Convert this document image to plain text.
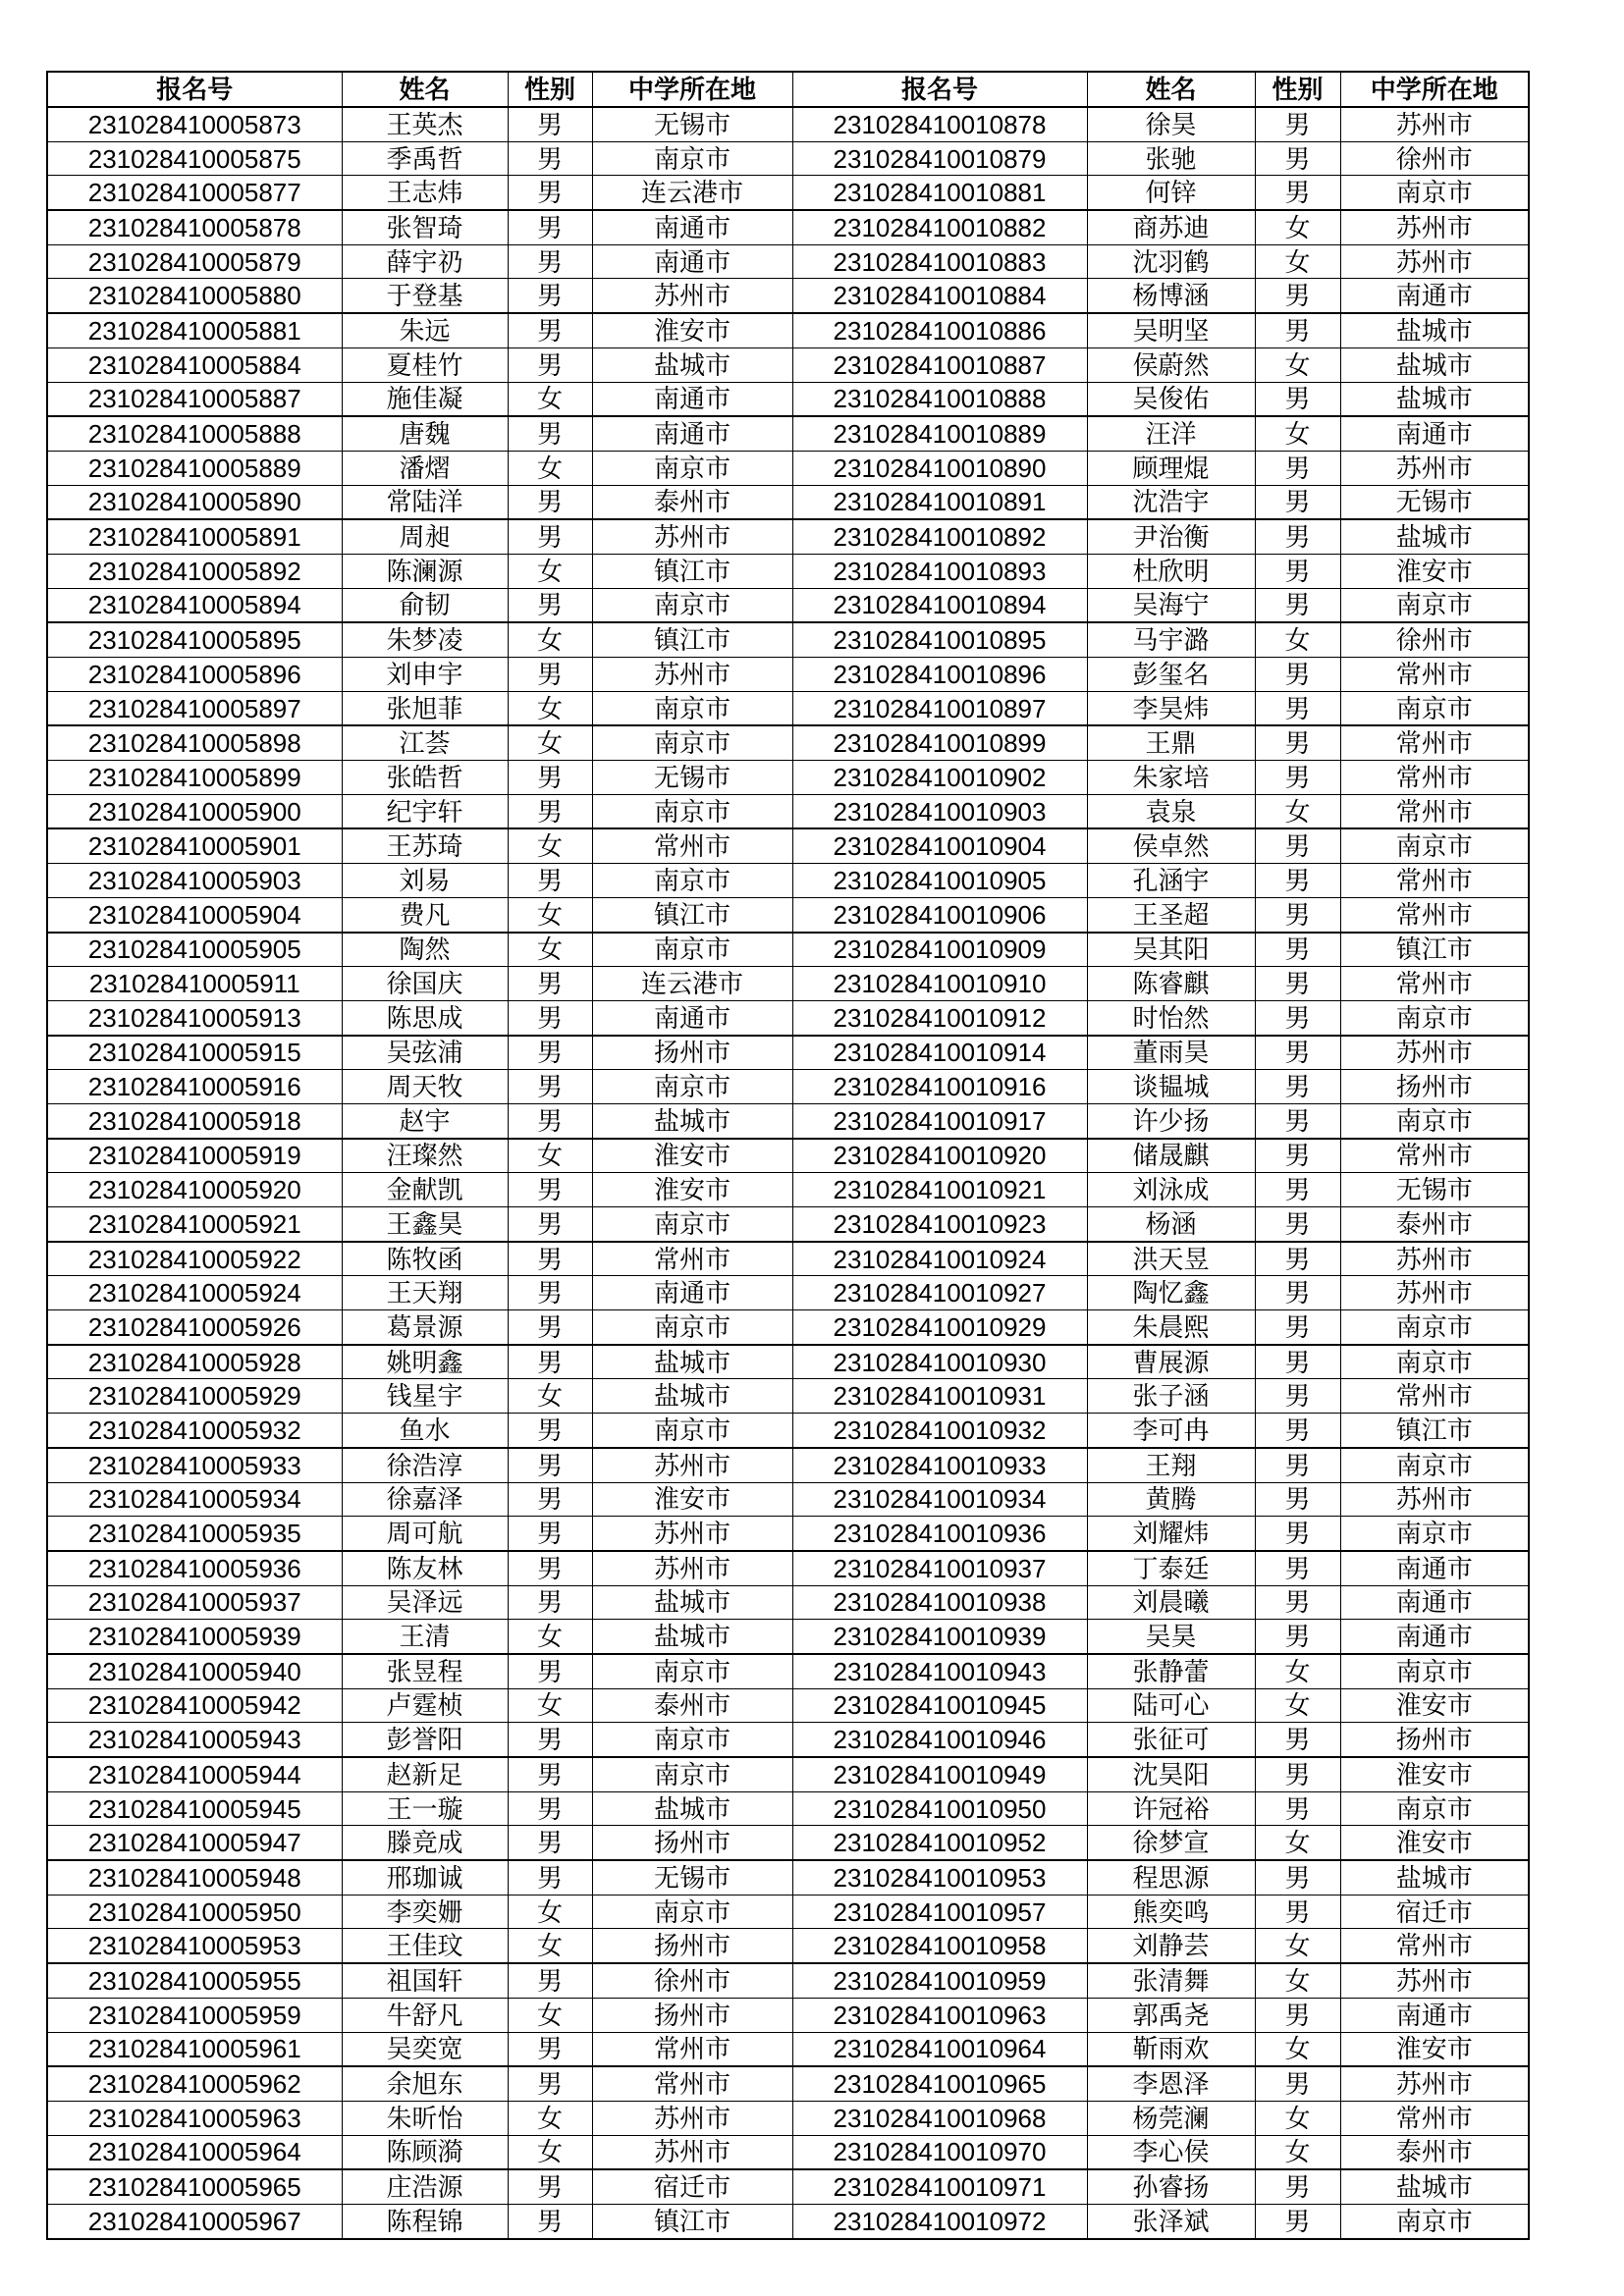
报名号	姓名	性别	中学所在地	报名号	姓名	性别	中学所在地
231028410005873	王英杰	男	无锡市	231028410010878	徐昊	男	苏州市
231028410005875	季禹哲	男	南京市	231028410010879	张驰	男	徐州市
231028410005877	王志炜	男	连云港市	231028410010881	何锌	男	南京市
231028410005878	张智琦	男	南通市	231028410010882	商苏迪	女	苏州市
231028410005879	薛宇礽	男	南通市	231028410010883	沈羽鹤	女	苏州市
231028410005880	于登基	男	苏州市	231028410010884	杨博涵	男	南通市
231028410005881	朱远	男	淮安市	231028410010886	吴明坚	男	盐城市
231028410005884	夏桂竹	男	盐城市	231028410010887	侯蔚然	女	盐城市
231028410005887	施佳凝	女	南通市	231028410010888	吴俊佑	男	盐城市
231028410005888	唐魏	男	南通市	231028410010889	汪洋	女	南通市
231028410005889	潘熠	女	南京市	231028410010890	顾理焜	男	苏州市
231028410005890	常陆洋	男	泰州市	231028410010891	沈浩宇	男	无锡市
231028410005891	周昶	男	苏州市	231028410010892	尹治衡	男	盐城市
231028410005892	陈澜源	女	镇江市	231028410010893	杜欣明	男	淮安市
231028410005894	俞韧	男	南京市	231028410010894	吴海宁	男	南京市
231028410005895	朱梦凌	女	镇江市	231028410010895	马宇潞	女	徐州市
231028410005896	刘申宇	男	苏州市	231028410010896	彭玺名	男	常州市
231028410005897	张旭菲	女	南京市	231028410010897	李昊炜	男	南京市
231028410005898	江荟	女	南京市	231028410010899	王鼎	男	常州市
231028410005899	张皓哲	男	无锡市	231028410010902	朱家培	男	常州市
231028410005900	纪宇轩	男	南京市	231028410010903	袁泉	女	常州市
231028410005901	王苏琦	女	常州市	231028410010904	侯卓然	男	南京市
231028410005903	刘易	男	南京市	231028410010905	孔涵宇	男	常州市
231028410005904	费凡	女	镇江市	231028410010906	王圣超	男	常州市
231028410005905	陶然	女	南京市	231028410010909	吴其阳	男	镇江市
231028410005911	徐国庆	男	连云港市	231028410010910	陈睿麒	男	常州市
231028410005913	陈思成	男	南通市	231028410010912	时怡然	男	南京市
231028410005915	吴弦浦	男	扬州市	231028410010914	董雨昊	男	苏州市
231028410005916	周天牧	男	南京市	231028410010916	谈韫城	男	扬州市
231028410005918	赵宇	男	盐城市	231028410010917	许少扬	男	南京市
231028410005919	汪璨然	女	淮安市	231028410010920	储晟麒	男	常州市
231028410005920	金献凯	男	淮安市	231028410010921	刘泳成	男	无锡市
231028410005921	王鑫昊	男	南京市	231028410010923	杨涵	男	泰州市
231028410005922	陈牧函	男	常州市	231028410010924	洪天昱	男	苏州市
231028410005924	王天翔	男	南通市	231028410010927	陶忆鑫	男	苏州市
231028410005926	葛景源	男	南京市	231028410010929	朱晨熙	男	南京市
231028410005928	姚明鑫	男	盐城市	231028410010930	曹展源	男	南京市
231028410005929	钱星宇	女	盐城市	231028410010931	张子涵	男	常州市
231028410005932	鱼水	男	南京市	231028410010932	李可冉	男	镇江市
231028410005933	徐浩淳	男	苏州市	231028410010933	王翔	男	南京市
231028410005934	徐嘉泽	男	淮安市	231028410010934	黄腾	男	苏州市
231028410005935	周可航	男	苏州市	231028410010936	刘耀炜	男	南京市
231028410005936	陈友林	男	苏州市	231028410010937	丁泰廷	男	南通市
231028410005937	吴泽远	男	盐城市	231028410010938	刘晨曦	男	南通市
231028410005939	王清	女	盐城市	231028410010939	吴昊	男	南通市
231028410005940	张昱程	男	南京市	231028410010943	张静蕾	女	南京市
231028410005942	卢霆桢	女	泰州市	231028410010945	陆可心	女	淮安市
231028410005943	彭誉阳	男	南京市	231028410010946	张征可	男	扬州市
231028410005944	赵新足	男	南京市	231028410010949	沈昊阳	男	淮安市
231028410005945	王一璇	男	盐城市	231028410010950	许冠裕	男	南京市
231028410005947	滕竞成	男	扬州市	231028410010952	徐梦宣	女	淮安市
231028410005948	邢珈诚	男	无锡市	231028410010953	程思源	男	盐城市
231028410005950	李奕姗	女	南京市	231028410010957	熊奕鸣	男	宿迁市
231028410005953	王佳玟	女	扬州市	231028410010958	刘静芸	女	常州市
231028410005955	祖国轩	男	徐州市	231028410010959	张清舞	女	苏州市
231028410005959	牛舒凡	女	扬州市	231028410010963	郭禹尧	男	南通市
231028410005961	吴奕宽	男	常州市	231028410010964	靳雨欢	女	淮安市
231028410005962	余旭东	男	常州市	231028410010965	李恩泽	男	苏州市
231028410005963	朱昕怡	女	苏州市	231028410010968	杨莞澜	女	常州市
231028410005964	陈顾漪	女	苏州市	231028410010970	李心侯	女	泰州市
231028410005965	庄浩源	男	宿迁市	231028410010971	孙睿扬	男	盐城市
231028410005967	陈程锦	男	镇江市	231028410010972	张泽斌	男	南京市
